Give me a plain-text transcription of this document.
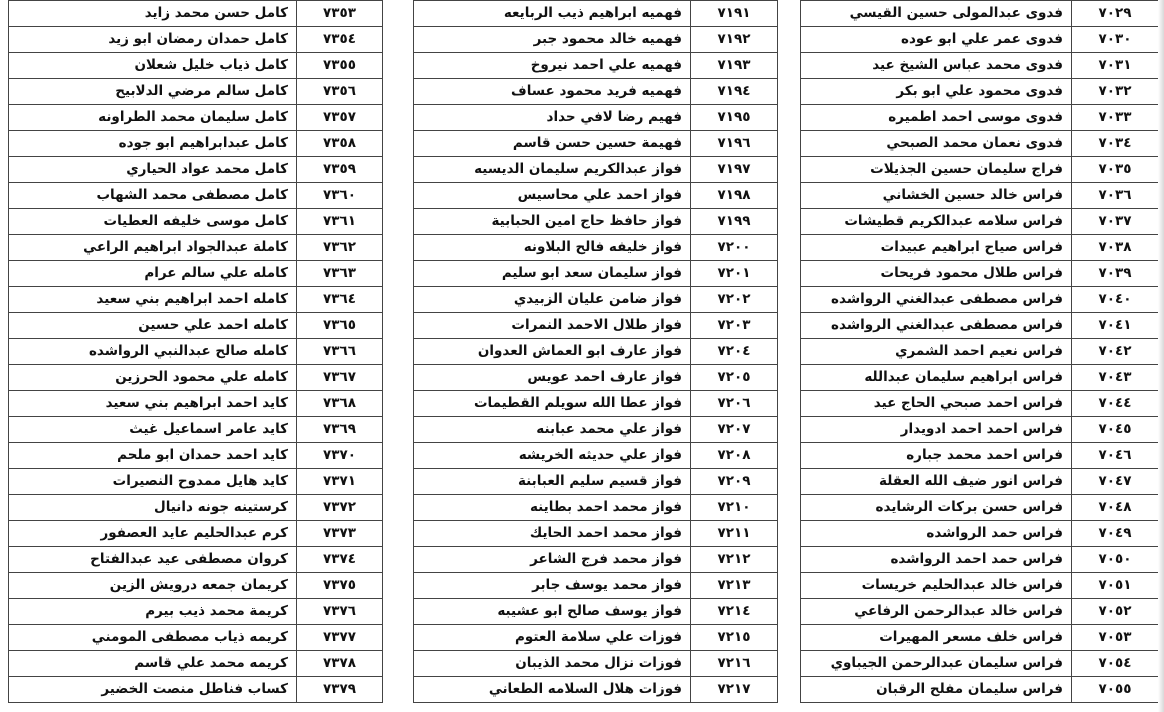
٧٠٢٩	فدوى عبدالمولى حسين القيسي
٧٠٣٠	فدوى عمر علي ابو عوده
٧٠٣١	فدوى محمد عباس الشيخ عيد
٧٠٣٢	فدوى محمود علي ابو بكر
٧٠٣٣	فدوى موسى احمد اطميره
٧٠٣٤	فدوى نعمان محمد الصبحي
٧٠٣٥	فراج سليمان حسين الجذيلات
٧٠٣٦	فراس خالد حسين الخشاني
٧٠٣٧	فراس سلامه عبدالكريم قطيشات
٧٠٣٨	فراس صياح ابراهيم عبيدات
٧٠٣٩	فراس طلال محمود فريحات
٧٠٤٠	فراس مصطفى عبدالغني الرواشده
٧٠٤١	فراس مصطفى عبدالغني الرواشده
٧٠٤٢	فراس نعيم احمد الشمري
٧٠٤٣	فراس ابراهيم سليمان عبدالله
٧٠٤٤	فراس احمد صبحي الحاج عيد
٧٠٤٥	فراس احمد احمد ادويدار
٧٠٤٦	فراس احمد محمد جباره
٧٠٤٧	فراس انور ضيف الله العقلة
٧٠٤٨	فراس حسن بركات الرشايده
٧٠٤٩	فراس حمد الرواشده
٧٠٥٠	فراس حمد احمد الرواشده
٧٠٥١	فراس خالد عبدالحليم خريسات
٧٠٥٢	فراس خالد عبدالرحمن الرفاعي
٧٠٥٣	فراس خلف مسعر المهيرات
٧٠٥٤	فراس سليمان عبدالرحمن الجيباوي
٧٠٥٥	فراس سليمان مفلح الرقبان
٧١٩١	فهميه ابراهيم ذيب الربايعه
٧١٩٢	فهميه خالد محمود جبر
٧١٩٣	فهميه علي احمد نيروخ
٧١٩٤	فهميه فريد محمود عساف
٧١٩٥	فهيم رضا لافي حداد
٧١٩٦	فهيمة حسين حسن قاسم
٧١٩٧	فواز عبدالكريم سليمان الديسيه
٧١٩٨	فواز احمد علي محاسيس
٧١٩٩	فواز حافظ حاج امين الحبابية
٧٢٠٠	فواز خليفه فالح البلاونه
٧٢٠١	فواز سليمان سعد ابو سليم
٧٢٠٢	فواز ضامن عليان الزبيدي
٧٢٠٣	فواز طلال الاحمد النمرات
٧٢٠٤	فواز عارف ابو العماش العدوان
٧٢٠٥	فواز عارف احمد عويس
٧٢٠٦	فواز عطا الله سويلم القطيمات
٧٢٠٧	فواز علي محمد عبابنه
٧٢٠٨	فواز علي حديثه الخريشه
٧٢٠٩	فواز قسيم سليم العبابنة
٧٢١٠	فواز محمد احمد بطاينه
٧٢١١	فواز محمد احمد الحايك
٧٢١٢	فواز محمد فرج الشاعر
٧٢١٣	فواز محمد يوسف جابر
٧٢١٤	فواز يوسف صالح ابو عشيبه
٧٢١٥	فوزات علي سلامة العتوم
٧٢١٦	فوزات نزال محمد الذيبان
٧٢١٧	فوزات هلال السلامه الطعاني
٧٣٥٣	كامل حسن محمد زايد
٧٣٥٤	كامل حمدان رمضان ابو زيد
٧٣٥٥	كامل ذياب خليل شعلان
٧٣٥٦	كامل سالم مرضي الدلابيح
٧٣٥٧	كامل سليمان محمد الطراونه
٧٣٥٨	كامل عبدابراهيم ابو جوده
٧٣٥٩	كامل محمد عواد الحياري
٧٣٦٠	كامل مصطفى محمد الشهاب
٧٣٦١	كامل موسى خليفه العطيات
٧٣٦٢	كاملة عبدالجواد ابراهيم الراعي
٧٣٦٣	كامله علي سالم عرام
٧٣٦٤	كامله احمد ابراهيم بني سعيد
٧٣٦٥	كامله احمد علي حسين
٧٣٦٦	كامله صالح عبدالنبي الرواشده
٧٣٦٧	كامله علي محمود الحرزين
٧٣٦٨	كايد احمد ابراهيم بني سعيد
٧٣٦٩	كايد عامر اسماعيل غيث
٧٣٧٠	كايد احمد حمدان ابو ملحم
٧٣٧١	كايد هايل ممدوح النصيرات
٧٣٧٢	كرستينه جونه دانيال
٧٣٧٣	كرم عبدالحليم عايد العصفور
٧٣٧٤	كروان مصطفى عيد عبدالفتاح
٧٣٧٥	كريمان جمعه درويش الزين
٧٣٧٦	كريمة محمد ذيب بيرم
٧٣٧٧	كريمه ذياب مصطفى المومني
٧٣٧٨	كريمه محمد علي قاسم
٧٣٧٩	كساب فناطل منصت الخضير
